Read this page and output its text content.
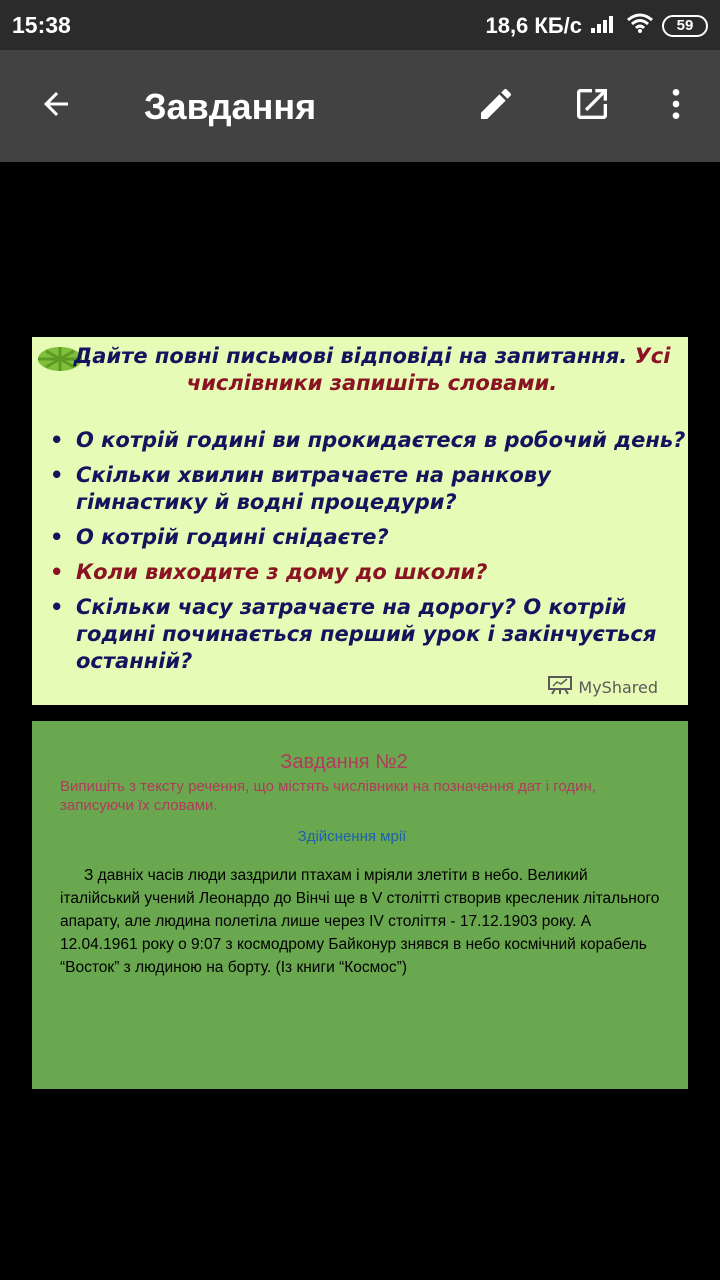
15:38	18,6 КБ/с	59
Завдання
Дайте повні письмові відповіді на запитання. Усі числівники запишіть словами.
• О котрій годині ви прокидаєтеся в робочий день?
• Скільки хвилин витрачаєте на ранкову гімнастику й водні процедури?
• О котрій годині снідаєте?
• Коли виходите з дому до школи?
• Скільки часу затрачаєте на дорогу? О котрій годині починається перший урок і закінчується останній?
MyShared
Завдання №2
Випишіть з тексту речення, що містять числівники на позначення дат і годин, записуючи їх словами.
Здійснення мрії

З давніх часів люди заздрили птахам і мріяли злетіти в небо. Великий італійський учений Леонардо до Вінчі ще в V столітті створив кресленик літального апарату, але людина полетіла лише через IV століття - 17.12.1903 року. А 12.04.1961 року о 9:07 з космодрому Байконур знявся в небо космічний корабель “Восток” з людиною на борту. (Із книги “Космос”)
